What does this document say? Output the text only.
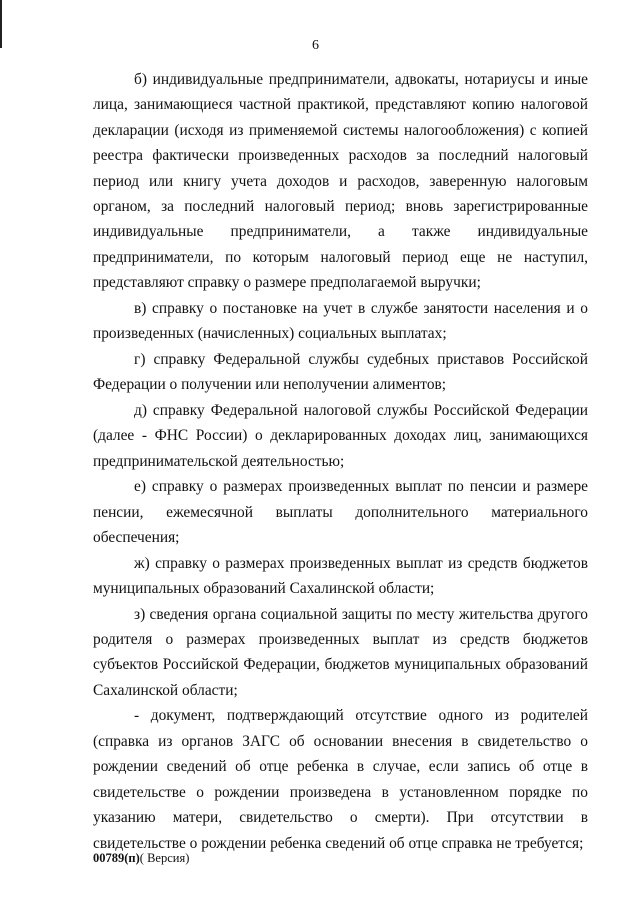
6

б) индивидуальные предприниматели, адвокаты, нотариусы и иные лица, занимающиеся частной практикой, представляют копию налоговой декларации (исходя из применяемой системы налогообложения) с копией реестра фактически произведенных расходов за последний налоговый период или книгу учета доходов и расходов, заверенную налоговым органом, за последний налоговый период; вновь зарегистрированные индивидуальные предприниматели, а также индивидуальные предприниматели, по которым налоговый период еще не наступил, представляют справку о размере предполагаемой выручки;

в) справку о постановке на учет в службе занятости населения и о произведенных (начисленных) социальных выплатах;

г) справку Федеральной службы судебных приставов Российской Федерации о получении или неполучении алиментов;

д) справку Федеральной налоговой службы Российской Федерации (далее - ФНС России) о декларированных доходах лиц, занимающихся предпринимательской деятельностью;

е) справку о размерах произведенных выплат по пенсии и размере пенсии, ежемесячной выплаты дополнительного материального обеспечения;

ж) справку о размерах произведенных выплат из средств бюджетов муниципальных образований Сахалинской области;

з) сведения органа социальной защиты по месту жительства другого родителя о размерах произведенных выплат из средств бюджетов субъектов Российской Федерации, бюджетов муниципальных образований Сахалинской области;

- документ, подтверждающий отсутствие одного из родителей (справка из органов ЗАГС об основании внесения в свидетельство о рождении сведений об отце ребенка в случае, если запись об отце в свидетельстве о рождении произведена в установленном порядке по указанию матери, свидетельство о смерти). При отсутствии в свидетельстве о рождении ребенка сведений об отце справка не требуется;

00789(п)( Версия)
